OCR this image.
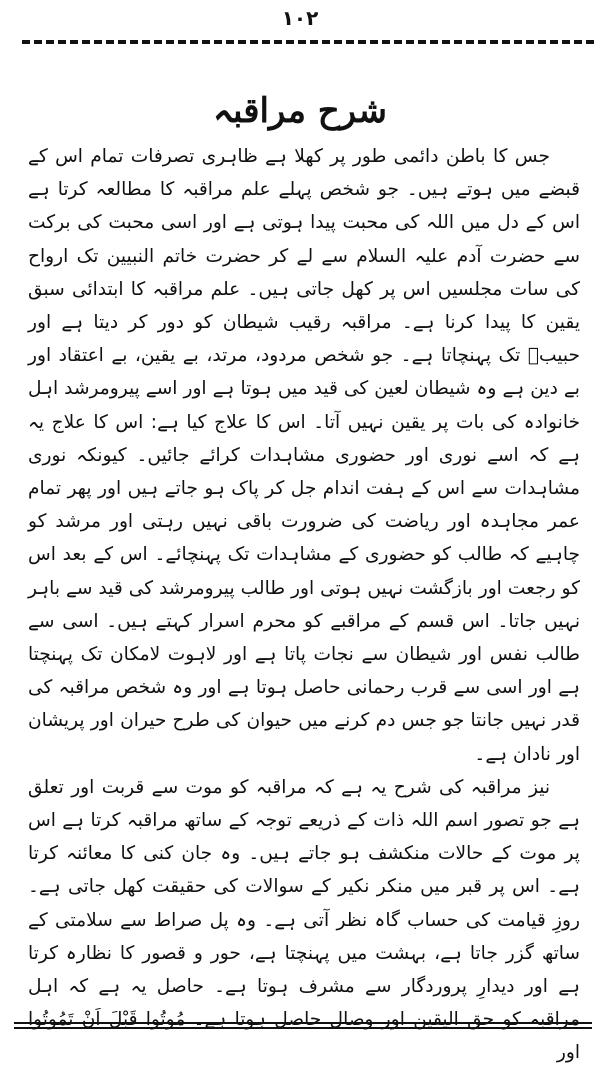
۱۰۲
شرح مراقبہ

جس کا باطن دائمی طور پر کھلا ہے ظاہری تصرفات تمام اس کے قبضے میں ہوتے ہیں۔ جو شخص پہلے علم مراقبہ کا مطالعہ کرتا ہے اس کے دل میں اللہ کی محبت پیدا ہوتی ہے اور اسی محبت کی برکت سے حضرت آدم علیہ السلام سے لے کر حضرت خاتم النبیین تک ارواح کی سات مجلسیں اس پر کھل جاتی ہیں۔ علم مراقبہ کا ابتدائی سبق یقین کا پیدا کرنا ہے۔ مراقبہ رقیب شیطان کو دور کر دیتا ہے اور حبیبؐ تک پہنچاتا ہے۔ جو شخص مردود، مرتد، بے یقین، بے اعتقاد اور بے دین ہے وہ شیطان لعین کی قید میں ہوتا ہے اور اسے پیرومرشد اہل خانوادہ کی بات پر یقین نہیں آتا۔ اس کا علاج کیا ہے: اس کا علاج یہ ہے کہ اسے نوری اور حضوری مشاہدات کرائے جائیں۔ کیونکہ نوری مشاہدات سے اس کے ہفت اندام جل کر پاک ہو جاتے ہیں اور پھر تمام عمر مجاہدہ اور ریاضت کی ضرورت باقی نہیں رہتی اور مرشد کو چاہیے کہ طالب کو حضوری کے مشاہدات تک پہنچائے۔ اس کے بعد اس کو رجعت اور بازگشت نہیں ہوتی اور طالب پیرومرشد کی قید سے باہر نہیں جاتا۔ اس قسم کے مراقبے کو محرم اسرار کہتے ہیں۔ اسی سے طالب نفس اور شیطان سے نجات پاتا ہے اور لاہوت لامکان تک پہنچتا ہے اور اسی سے قرب رحمانی حاصل ہوتا ہے اور وہ شخص مراقبہ کی قدر نہیں جانتا جو جس دم کرنے میں حیوان کی طرح حیران اور پریشان اور نادان ہے۔

نیز مراقبہ کی شرح یہ ہے کہ مراقبہ کو موت سے قربت اور تعلق ہے جو تصور اسم اللہ ذات کے ذریعے توجہ کے ساتھ مراقبہ کرتا ہے اس پر موت کے حالات منکشف ہو جاتے ہیں۔ وہ جان کنی کا معائنہ کرتا ہے۔ اس پر قبر میں منکر نکیر کے سوالات کی حقیقت کھل جاتی ہے۔ روزِ قیامت کی حساب گاہ نظر آتی ہے۔ وہ پل صراط سے سلامتی کے ساتھ گزر جاتا ہے، بہشت میں پہنچتا ہے، حور و قصور کا نظارہ کرتا ہے اور دیدارِ پروردگار سے مشرف ہوتا ہے۔ حاصل یہ ہے کہ اہل مراقبہ کو حق الیقین اور وصال حاصل ہوتا ہے۔ مُوتُوا قَبْلَ اَنْ تَمُوتُوا اور
